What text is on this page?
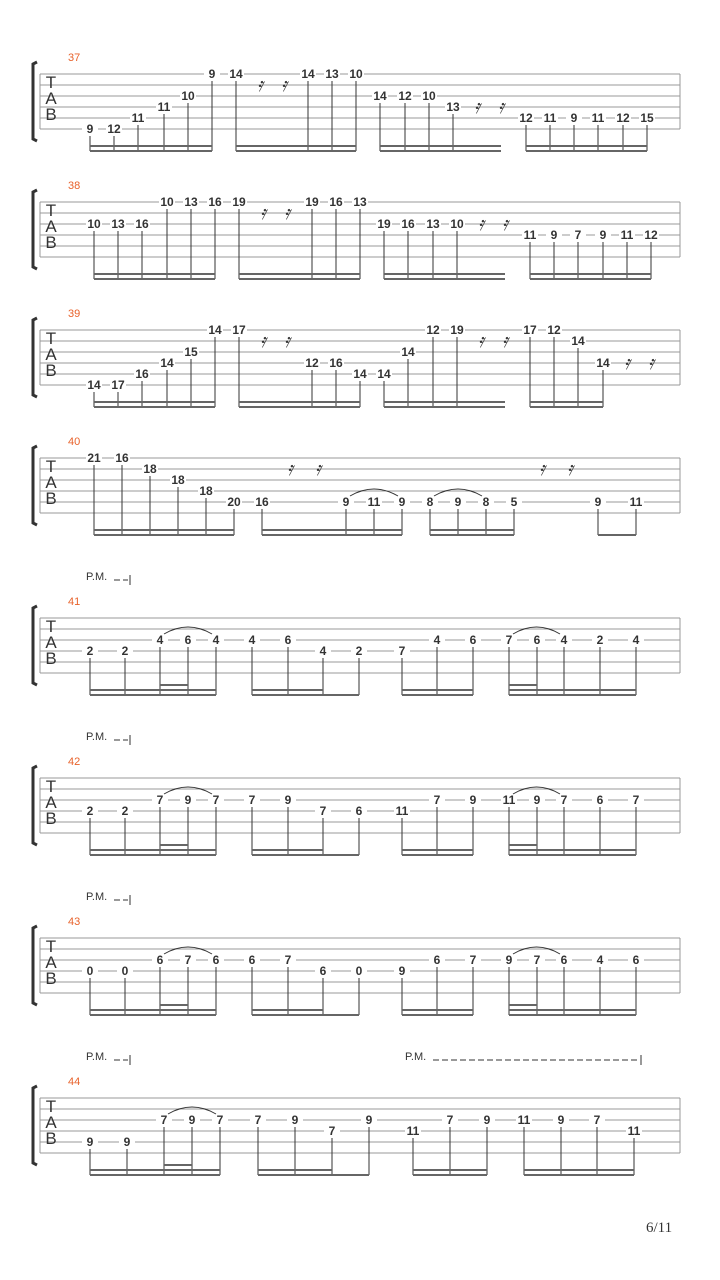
T
A
B
37
9 12
11
11
10
9 14 𝄿 𝄿 14 13 10
14 12 10
13 𝄿 𝄿 12 11 9 11 12 15
T
A
B
38
10 13 16
10 13 16 19 𝄿 𝄿 19 16 13
19 16 13 10 𝄿 𝄿 11 9 7 9 11 12
T
A
B
39
14 17
16
14
15
14 17 𝄿 𝄿
12 16
14 14
14
12 19 𝄿 𝄿 17 12
14
14 𝄿 𝄿
T
A
B
40
21 16
18
18
18
20 16
𝄿 𝄿
9 11 9 8 9 8 5
𝄿 𝄿
9 11
T
A
B
41
P.M.
2 2
4 6 4 4 6
4 2	7
4 6 7 6 4 2 4
T
A
B
42
P.M.
2 2
7 9 7 7 9
7 6	11
7 9 11 9 7 6 7
T
A
B
43
P.M.
0 0
6 7 6 6 7
6 0	9
6 7 9 7 6 4 6
T
A
B
44
P.M.	P.M.
9	9
7 9 7	7	9
7
9
11
7	9 11 9 7
11
6/11
